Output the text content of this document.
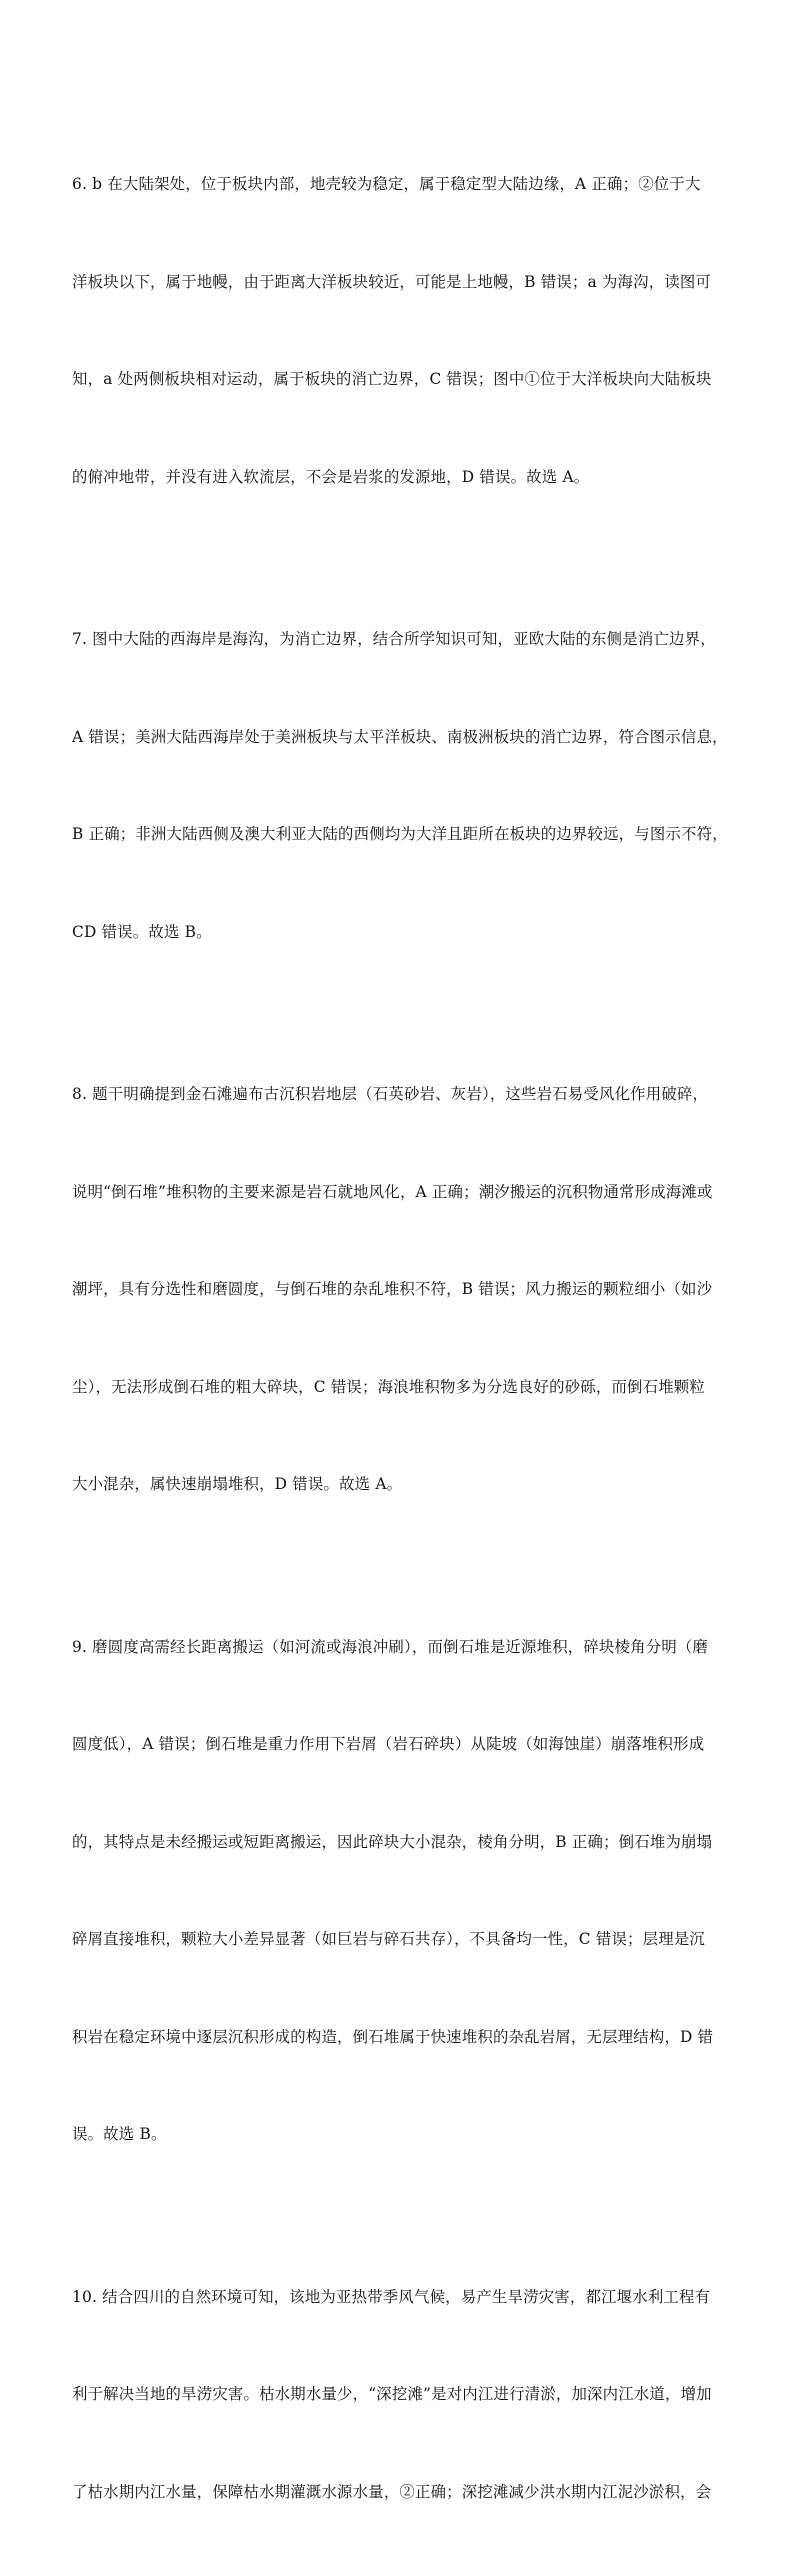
6. b 在大陆架处，位于板块内部，地壳较为稳定，属于稳定型大陆边缘，A 正确；②位于大

洋板块以下，属于地幔，由于距离大洋板块较近，可能是上地幔，B 错误；a 为海沟，读图可

知，a 处两侧板块相对运动，属于板块的消亡边界，C 错误；图中①位于大洋板块向大陆板块

的俯冲地带，并没有进入软流层，不会是岩浆的发源地，D 错误。故选 A。

7. 图中大陆的西海岸是海沟，为消亡边界，结合所学知识可知，亚欧大陆的东侧是消亡边界，

A 错误；美洲大陆西海岸处于美洲板块与太平洋板块、南极洲板块的消亡边界，符合图示信息，

B 正确；非洲大陆西侧及澳大利亚大陆的西侧均为大洋且距所在板块的边界较远，与图示不符，

CD 错误。故选 B。

8. 题干明确提到金石滩遍布古沉积岩地层（石英砂岩、灰岩），这些岩石易受风化作用破碎，

说明“倒石堆”堆积物的主要来源是岩石就地风化，A 正确；潮汐搬运的沉积物通常形成海滩或

潮坪，具有分选性和磨圆度，与倒石堆的杂乱堆积不符，B 错误；风力搬运的颗粒细小（如沙

尘），无法形成倒石堆的粗大碎块，C 错误；海浪堆积物多为分选良好的砂砾，而倒石堆颗粒

大小混杂，属快速崩塌堆积，D 错误。故选 A。

9. 磨圆度高需经长距离搬运（如河流或海浪冲刷），而倒石堆是近源堆积，碎块棱角分明（磨

圆度低），A 错误；倒石堆是重力作用下岩屑（岩石碎块）从陡坡（如海蚀崖）崩落堆积形成

的，其特点是未经搬运或短距离搬运，因此碎块大小混杂，棱角分明，B 正确；倒石堆为崩塌

碎屑直接堆积，颗粒大小差异显著（如巨岩与碎石共存），不具备均一性，C 错误；层理是沉

积岩在稳定环境中逐层沉积形成的构造，倒石堆属于快速堆积的杂乱岩屑，无层理结构，D 错

误。故选 B。

10. 结合四川的自然环境可知，该地为亚热带季风气候，易产生旱涝灾害，都江堰水利工程有

利于解决当地的旱涝灾害。枯水期水量少，“深挖滩”是对内江进行清淤，加深内江水道，增加

了枯水期内江水量，保障枯水期灌溉水源水量，②正确；深挖滩减少洪水期内江泥沙淤积，会
